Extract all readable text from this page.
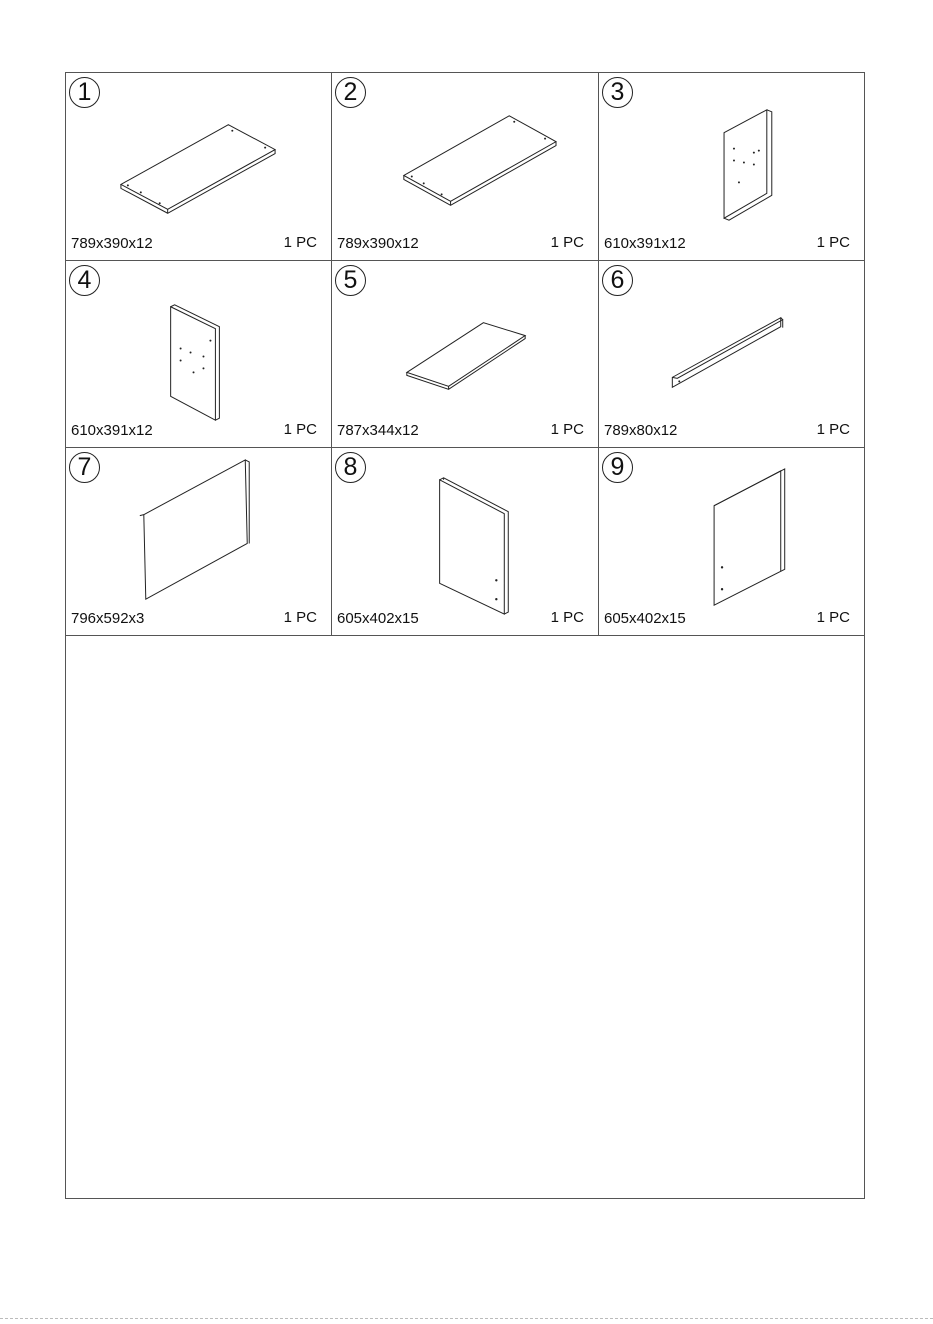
1
789x390x12	1 PC
2
789x390x12	1 PC
3
610x391x12	1 PC
4
610x391x12	1 PC
5
787x344x12	1 PC
6
789x80x12	1 PC
7
796x592x3	1 PC
8
605x402x15	1 PC
9
605x402x15	1 PC
